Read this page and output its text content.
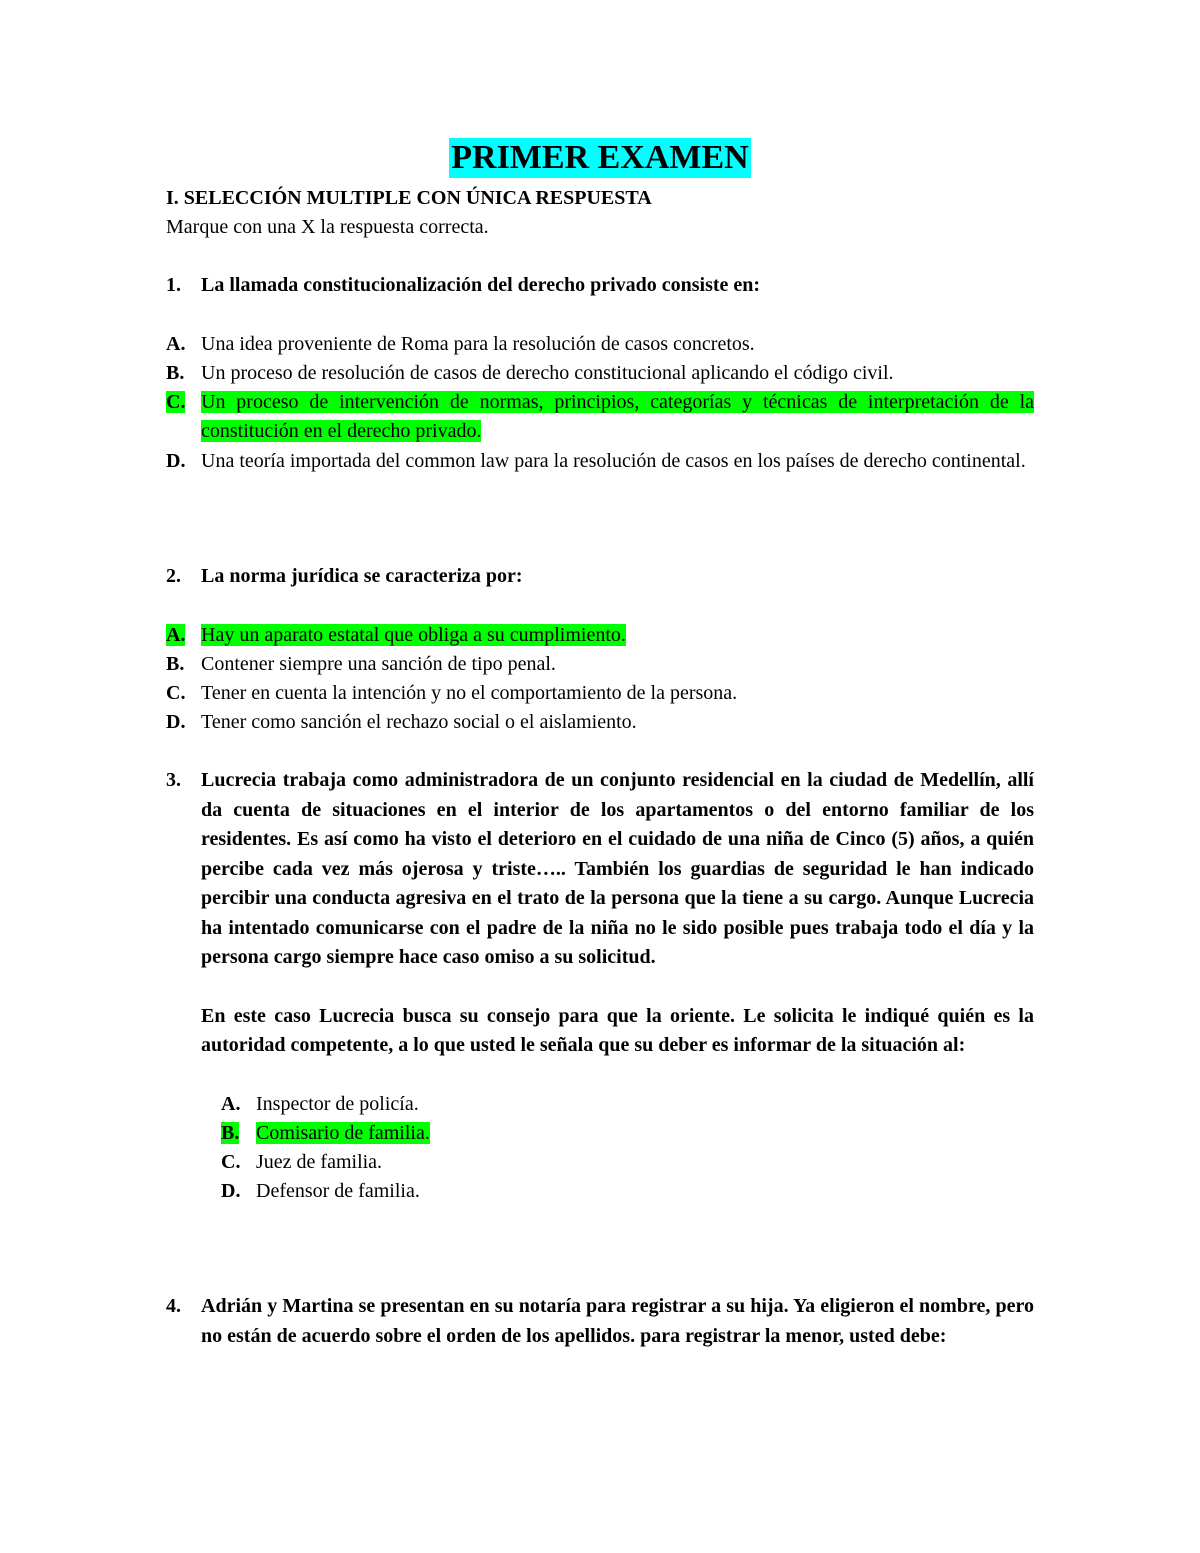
PRIMER EXAMEN
I. SELECCIÓN MULTIPLE CON ÚNICA RESPUESTA
Marque con una X la respuesta correcta.
1.	La llamada constitucionalización del derecho privado consiste en:
A. Una idea proveniente de Roma para la resolución de casos concretos.
B. Un proceso de resolución de casos de derecho constitucional aplicando el código civil.
C. Un proceso de intervención de normas, principios, categorías y técnicas de interpretación de la constitución en el derecho privado.
D. Una teoría importada del common law para la resolución de casos en los países de derecho continental.
2.	La norma jurídica se caracteriza por:
A. Hay un aparato estatal que obliga a su cumplimiento.
B. Contener siempre una sanción de tipo penal.
C. Tener en cuenta la intención y no el comportamiento de la persona.
D. Tener como sanción el rechazo social o el aislamiento.
3.	Lucrecia trabaja como administradora de un conjunto residencial en la ciudad de Medellín, allí da cuenta de situaciones en el interior de los apartamentos o del entorno familiar de los residentes. Es así como ha visto el deterioro en el cuidado de una niña de Cinco (5) años, a quién percibe cada vez más ojerosa y triste….. También los guardias de seguridad le han indicado percibir una conducta agresiva en el trato de la persona que la tiene a su cargo. Aunque Lucrecia ha intentado comunicarse con el padre de la niña no le sido posible pues trabaja todo el día y la persona cargo siempre hace caso omiso a su solicitud.
En este caso Lucrecia busca su consejo para que la oriente. Le solicita le indiqué quién es la autoridad competente, a lo que usted le señala que su deber es informar de la situación al:
A. Inspector de policía.
B. Comisario de familia.
C. Juez de familia.
D. Defensor de familia.
4.	Adrián y Martina se presentan en su notaría para registrar a su hija. Ya eligieron el nombre, pero no están de acuerdo sobre el orden de los apellidos. para registrar la menor, usted debe:
